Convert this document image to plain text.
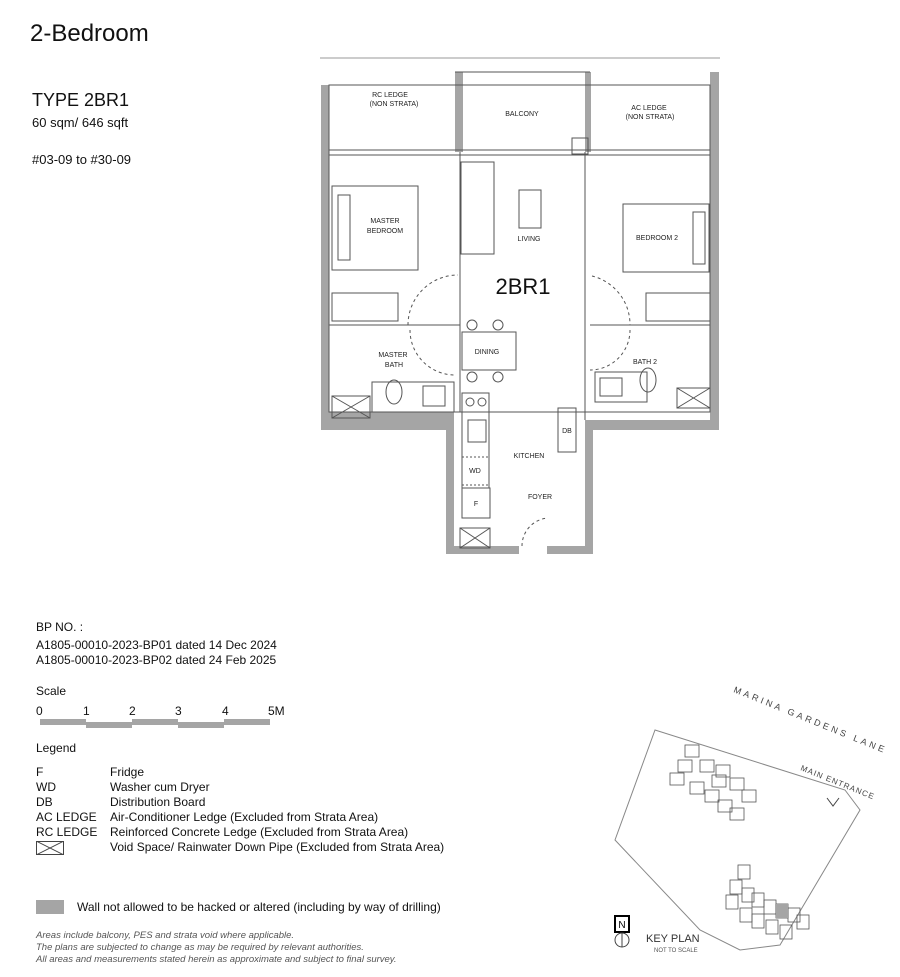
2-Bedroom
TYPE 2BR1
60 sqm/ 646 sqft
#03-09 to #30-09
RC LEDGE
(NON STRATA)
BALCONY
AC LEDGE
(NON STRATA)
MASTER
BEDROOM
LIVING	BEDROOM 2
MASTER
BATH
DINING
BATH 2
KITCHEN
FOYER
WD
F
DB
2BR1
BP NO. :
A1805-00010-2023-BP01 dated 14 Dec 2024
A1805-00010-2023-BP02 dated 24 Feb 2025
Scale
0	1	2	3	4	5M
Legend
F	Fridge
WD	Washer cum Dryer
DB	Distribution Board
AC LEDGE Air-Conditioner Ledge (Excluded from Strata Area)
RC LEDGE Reinforced Concrete Ledge (Excluded from Strata Area)
Void Space/ Rainwater Down Pipe (Excluded from Strata Area)
Wall not allowed to be hacked or altered (including by way of drilling)
Areas include balcony, PES and strata void where applicable.
The plans are subjected to change as may be required by relevant authorities.
All areas and measurements stated herein as approximate and subject to final survey.
MARINA GARDENS LANE
MAIN ENTRANCE
N
KEY PLAN
NOT TO SCALE
